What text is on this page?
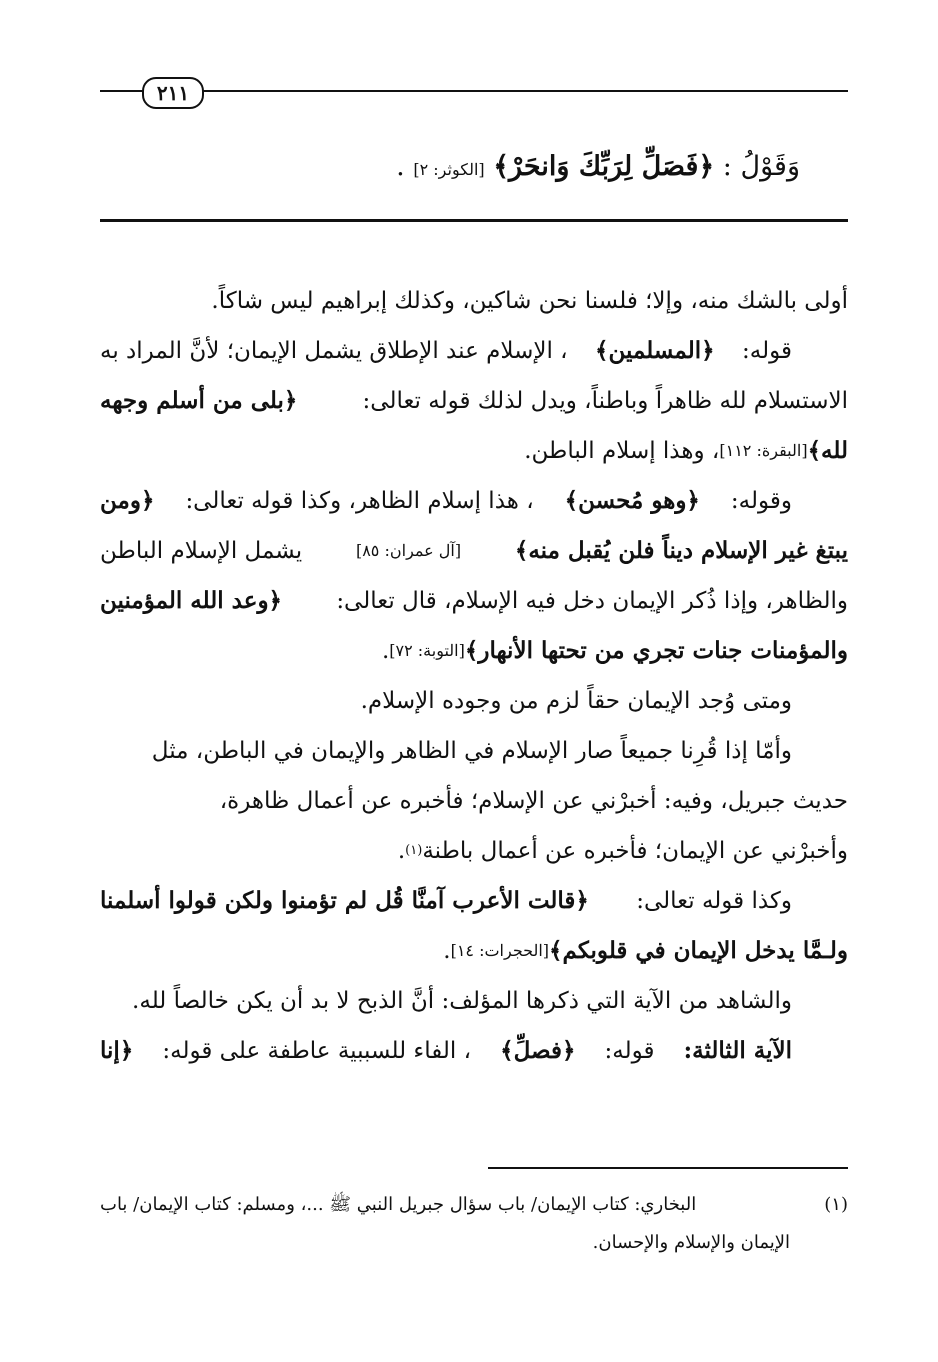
٢١١
وَقَوْلُ : ﴿فَصَلِّ لِرَبِّكَ وَانحَرْ﴾ [الكوثر: ٢] .
أولى بالشك منه، وإلا؛ فلسنا نحن شاكين، وكذلك إبراهيم ليس شاكاً.
قوله:
﴿المسلمين﴾
، الإسلام عند الإطلاق يشمل الإيمان؛ لأنَّ المراد به
الاستسلام لله ظاهراً وباطناً، ويدل لذلك قوله تعالى:
﴿بلى من أسلم وجهه
لله﴾
[البقرة: ١١٢]
، وهذا إسلام الباطن.
وقوله:
﴿وهو مُحسن﴾
، هذا إسلام الظاهر، وكذا قوله تعالى:
﴿ومن
يبتغ غير الإسلام ديناً فلن يُقبل منه﴾
[آل عمران: ٨٥]
يشمل الإسلام الباطن
والظاهر، وإذا ذُكر الإيمان دخل فيه الإسلام، قال تعالى:
﴿وعد الله المؤمنين
والمؤمنات جنات تجري من تحتها الأنهار﴾
[التوبة: ٧٢]
.
ومتى وُجد الإيمان حقاً لزم من وجوده الإسلام.
وأمّا إذا قُرِنا جميعاً صار الإسلام في الظاهر والإيمان في الباطن، مثل
حديث جبريل، وفيه: أخبرْني عن الإسلام؛ فأخبره عن أعمال ظاهرة،
وأخبرْني عن الإيمان؛ فأخبره عن أعمال باطنة
(١)
.
وكذا قوله تعالى:
﴿قالت الأعرب آمنَّا قُل لم تؤمنوا ولكن قولوا أسلمنا
ولـمَّا يدخل الإيمان في قلوبكم﴾
[الحجرات: ١٤]
.
والشاهد من الآية التي ذكرها المؤلف: أنَّ الذبح لا بد أن يكن خالصاً لله.
الآية الثالثة:
قوله:
﴿فصلِّ﴾
، الفاء للسببية عاطفة على قوله:
﴿إنا
(١)
البخاري: كتاب الإيمان/ باب سؤال جبريل النبي ﷺ ...، ومسلم: كتاب الإيمان/ باب
الإيمان والإسلام والإحسان.
